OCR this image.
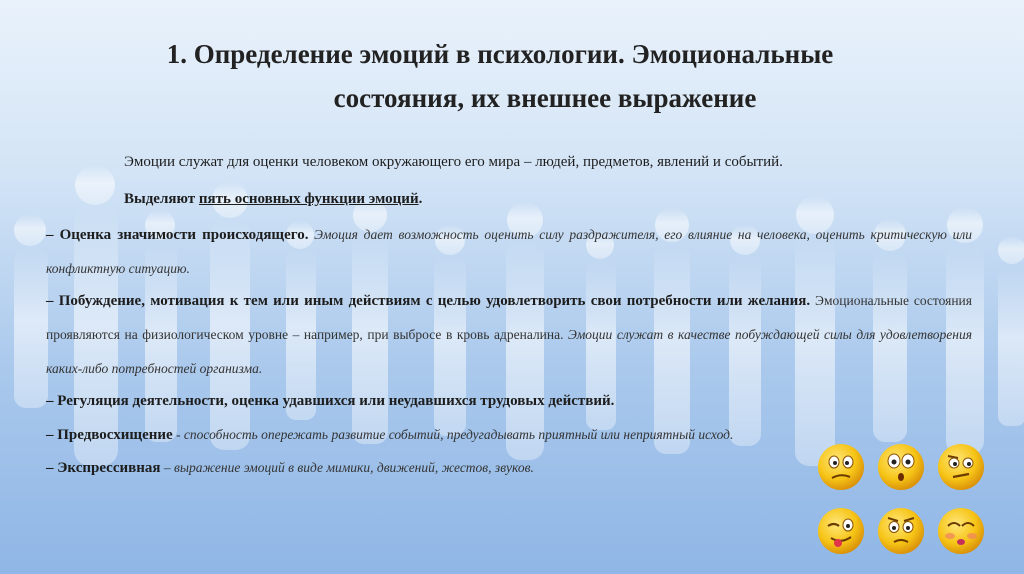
1. Определение эмоций в психологии. Эмоциональные
состояния, их внешнее выражение
Эмоции служат для оценки человеком окружающего его мира – людей, предметов, явлений и событий.
Выделяют пять основных функции эмоций.
– Оценка значимости происходящего. Эмоция дает возможность оценить силу раздражителя, его влияние на человека, оценить критическую или конфликтную ситуацию.
– Побуждение, мотивация к тем или иным действиям с целью удовлетворить свои потребности или желания. Эмоциональные состояния проявляются на физиологическом уровне – например, при выбросе в кровь адреналина. Эмоции служат в качестве побуждающей силы для удовлетворения каких-либо потребностей организма.
– Регуляция деятельности, оценка удавшихся или неудавшихся трудовых действий.
– Предвосхищение - способность опережать развитие событий, предугадывать приятный или неприятный исход.
– Экспрессивная – выражение эмоций в виде мимики, движений, жестов, звуков.
